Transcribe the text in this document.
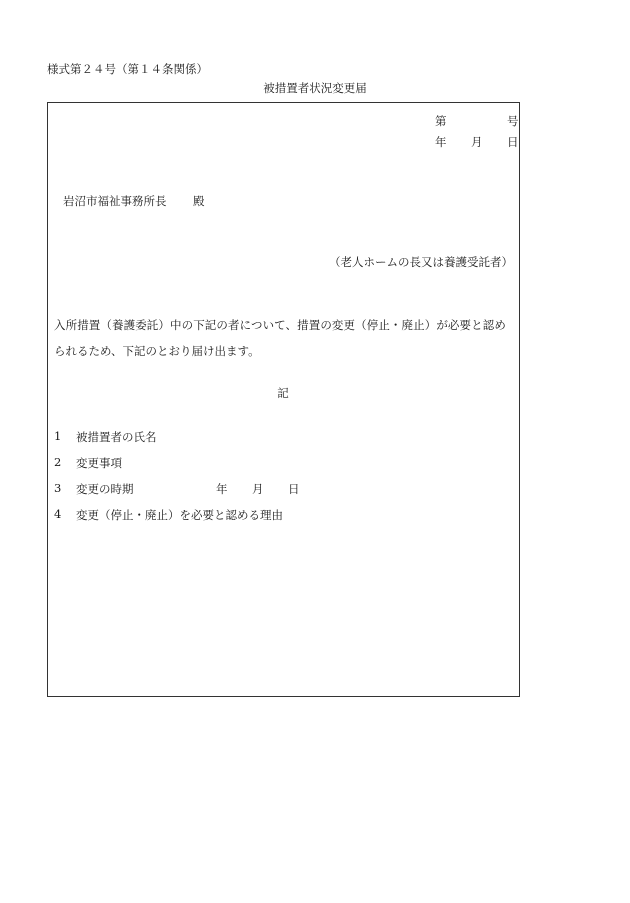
様式第２４号（第１４条関係）
被措置者状況変更届
第	号
年 月 日
岩沼市福祉事務所長 殿
（老人ホームの長又は養護受託者）
入所措置（養護委託）中の下記の者について、措置の変更（停止・廃止）が必要と認め
られるため、下記のとおり届け出ます。
記
1 被措置者の氏名
2 変更事項
3 変更の時期	年 月 日
4 変更（停止・廃止）を必要と認める理由
